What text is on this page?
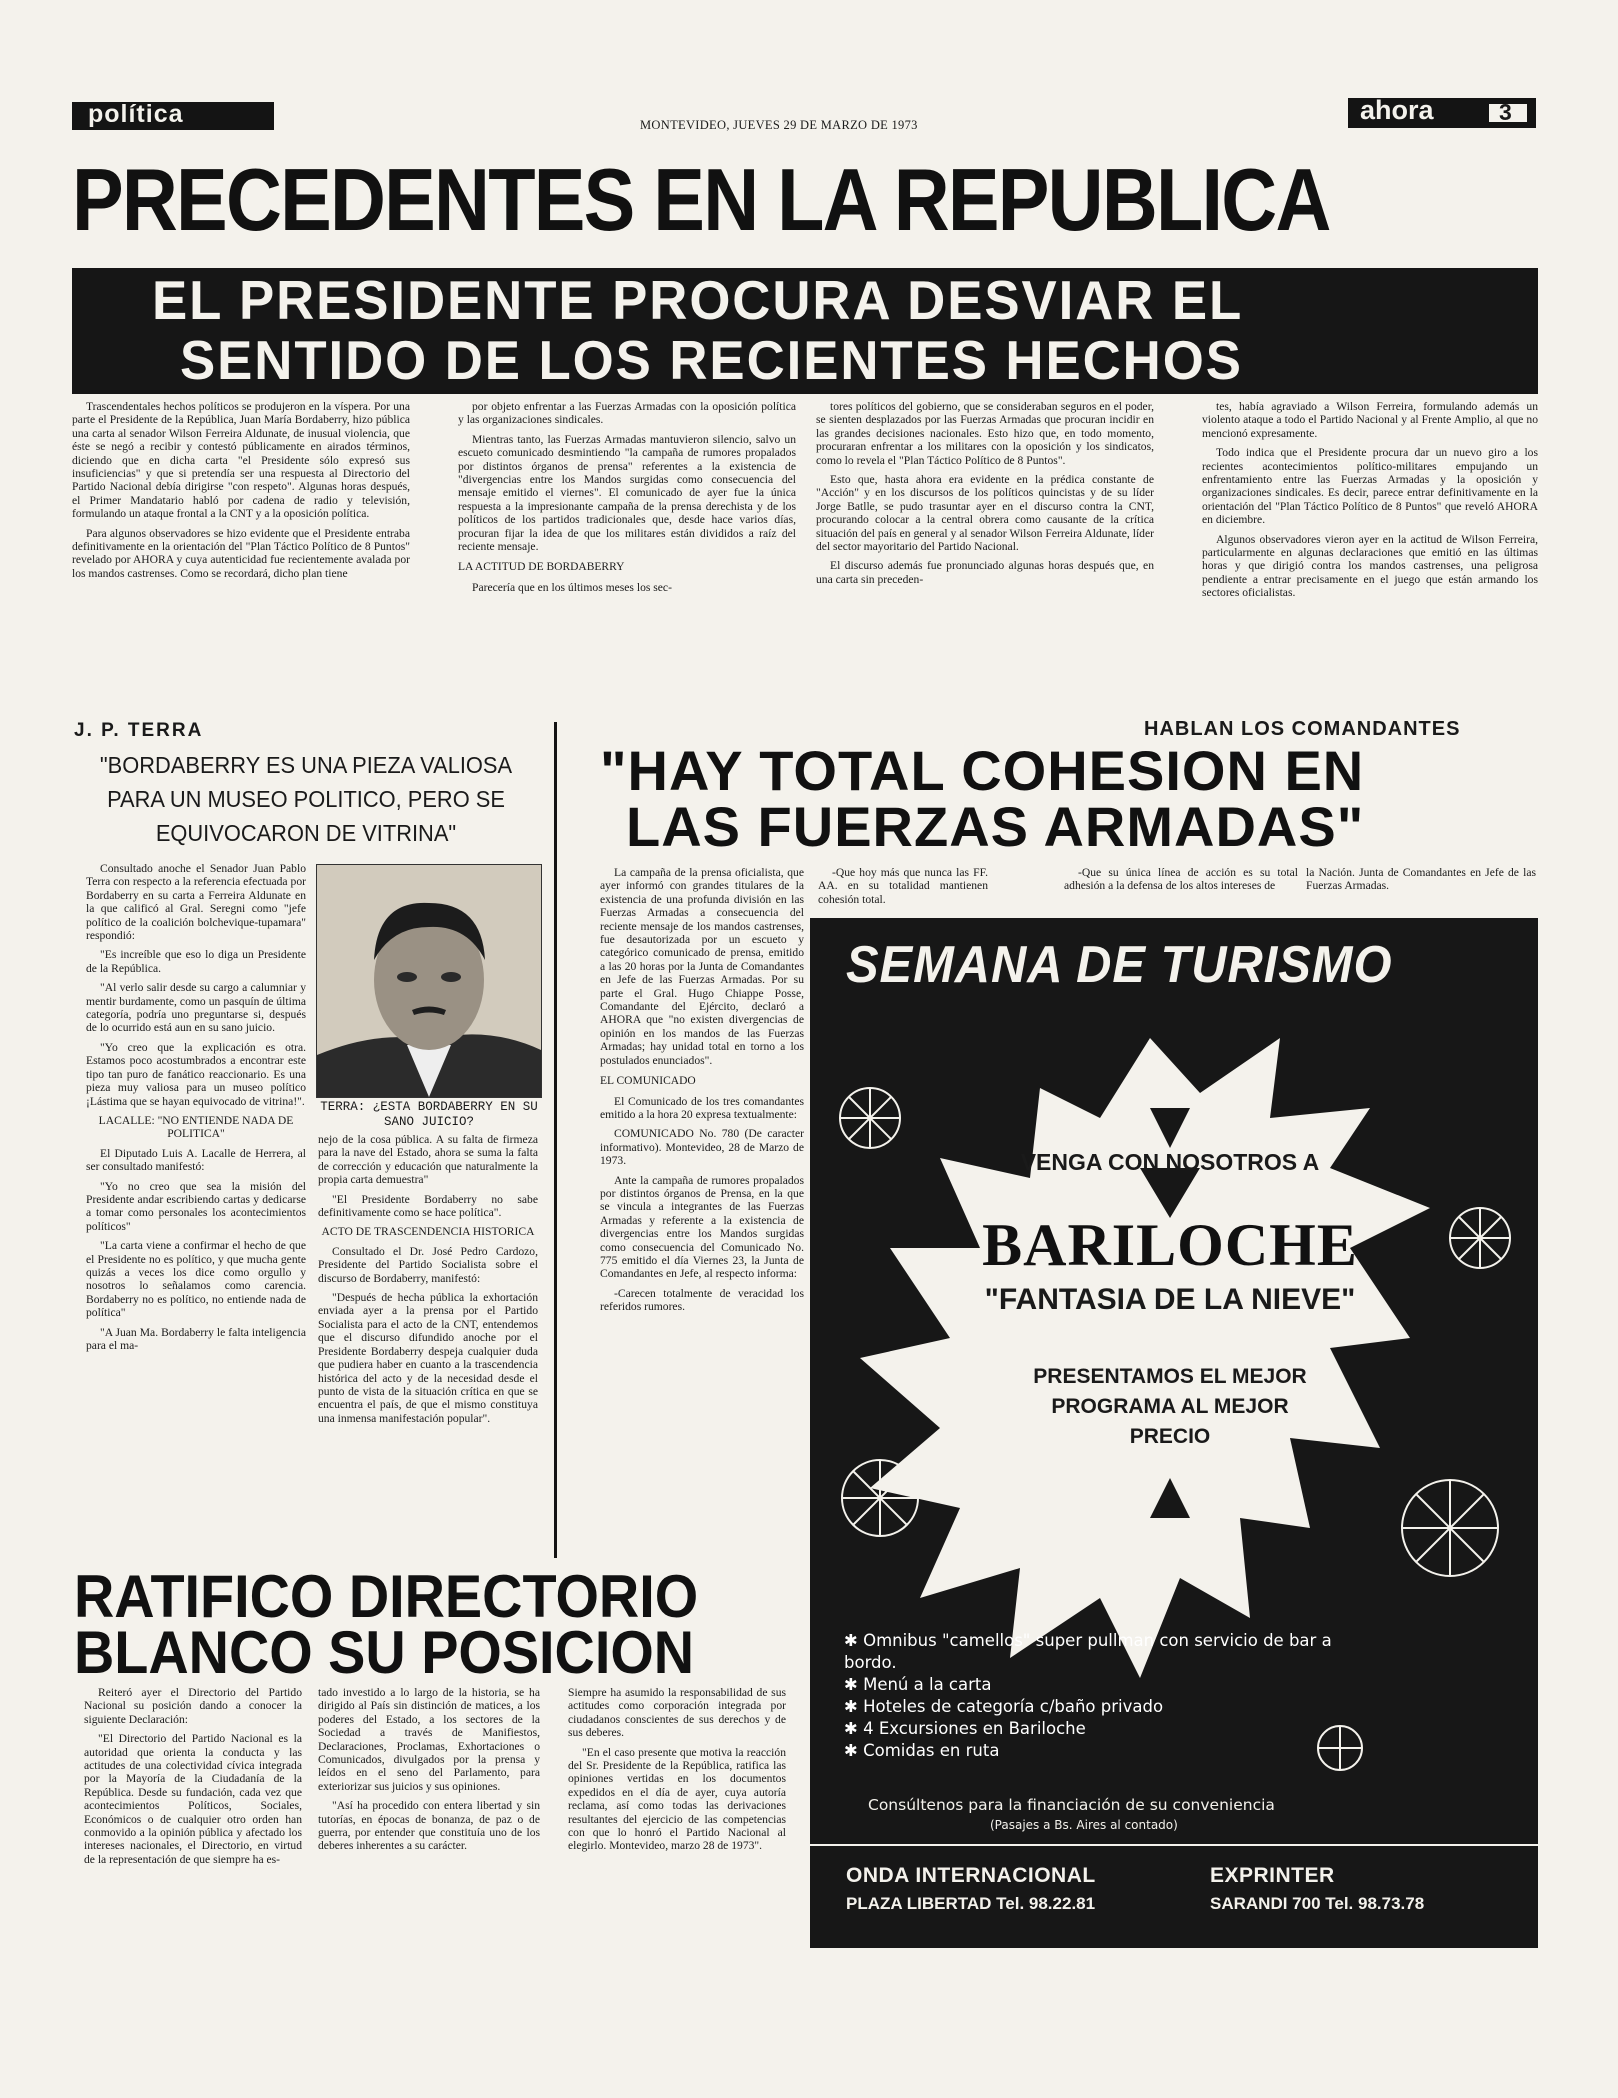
política	MONTEVIDEO, JUEVES 29 DE MARZO DE 1973	ahora	3
PRECEDENTES EN LA REPUBLICA
EL PRESIDENTE PROCURA DESVIAR EL
SENTIDO DE LOS RECIENTES HECHOS

Trascendentales hechos políticos se produjeron en la víspera. Por una parte el Presidente de la República, Juan María Bordaberry, hizo pública una carta al senador Wilson Ferreira Aldunate, de inusual violencia, que éste se negó a recibir y contestó públicamente en airados términos, diciendo que en dicha carta "el Presidente sólo expresó sus insuficiencias" y que si pretendía ser una respuesta al Directorio del Partido Nacional debía dirigirse "con respeto". Algunas horas después, el Primer Mandatario habló por cadena de radio y televisión, formulando un ataque frontal a la CNT y a la oposición política.

Para algunos observadores se hizo evidente que el Presidente entraba definitivamente en la orientación del "Plan Táctico Político de 8 Puntos" revelado por AHORA y cuya autenticidad fue recientemente avalada por los mandos castrenses. Como se recordará, dicho plan tiene

por objeto enfrentar a las Fuerzas Armadas con la oposición política y las organizaciones sindicales.

Mientras tanto, las Fuerzas Armadas mantuvieron silencio, salvo un escueto comunicado desmintiendo "la campaña de rumores propalados por distintos órganos de prensa" referentes a la existencia de "divergencias entre los Mandos surgidas como consecuencia del mensaje emitido el viernes". El comunicado de ayer fue la única respuesta a la impresionante campaña de la prensa derechista y de los políticos de los partidos tradicionales que, desde hace varios días, procuran fijar la idea de que los militares están divididos a raíz del reciente mensaje.

LA ACTITUD DE BORDABERRY

Parecería que en los últimos meses los sec-

tores políticos del gobierno, que se consideraban seguros en el poder, se sienten desplazados por las Fuerzas Armadas que procuran incidir en las grandes decisiones nacionales. Esto hizo que, en todo momento, procuraran enfrentar a los militares con la oposición y los sindicatos, como lo revela el "Plan Táctico Político de 8 Puntos".

Esto que, hasta ahora era evidente en la prédica constante de "Acción" y en los discursos de los políticos quincistas y de su líder Jorge Batlle, se pudo trasuntar ayer en el discurso contra la CNT, procurando colocar a la central obrera como causante de la crítica situación del país en general y al senador Wilson Ferreira Aldunate, líder del sector mayoritario del Partido Nacional.

El discurso además fue pronunciado algunas horas después que, en una carta sin preceden-

tes, había agraviado a Wilson Ferreira, formulando además un violento ataque a todo el Partido Nacional y al Frente Amplio, al que no mencionó expresamente.

Todo indica que el Presidente procura dar un nuevo giro a los recientes acontecimientos político-militares empujando un enfrentamiento entre las Fuerzas Armadas y la oposición y organizaciones sindicales. Es decir, parece entrar definitivamente en la orientación del "Plan Táctico Político de 8 Puntos" que reveló AHORA en diciembre.

Algunos observadores vieron ayer en la actitud de Wilson Ferreira, particularmente en algunas declaraciones que emitió en las últimas horas y que dirigió contra los mandos castrenses, una peligrosa pendiente a entrar precisamente en el juego que están armando los sectores oficialistas.

J. P. TERRA
"BORDABERRY ES UNA PIEZA VALIOSA PARA UN MUSEO POLITICO, PERO SE EQUIVOCARON DE VITRINA"

Consultado anoche el Senador Juan Pablo Terra con respecto a la referencia efectuada por Bordaberry en su carta a Ferreira Aldunate en la que calificó al Gral. Seregni como "jefe político de la coalición bolchevique-tupamara" respondió:

"Es increíble que eso lo diga un Presidente de la República.

"Al verlo salir desde su cargo a calumniar y mentir burdamente, como un pasquín de última categoría, podría uno preguntarse si, después de lo ocurrido está aun en su sano juicio.

"Yo creo que la explicación es otra. Estamos poco acostumbrados a encontrar este tipo tan puro de fanático reaccionario. Es una pieza muy valiosa para un museo político ¡Lástima que se hayan equivocado de vitrina!".

LACALLE: "NO ENTIENDE NADA DE POLITICA"

El Diputado Luis A. Lacalle de Herrera, al ser consultado manifestó:

"Yo no creo que sea la misión del Presidente andar escribiendo cartas y dedicarse a tomar como personales los acontecimientos políticos"

"La carta viene a confirmar el hecho de que el Presidente no es político, y que mucha gente quizás a veces los dice como orgullo y nosotros lo señalamos como carencia. Bordaberry no es político, no entiende nada de política"

"A Juan Ma. Bordaberry le falta inteligencia para el ma-

TERRA: ¿ESTA BORDABERRY EN SU SANO JUICIO?

nejo de la cosa pública. A su falta de firmeza para la nave del Estado, ahora se suma la falta de corrección y educación que naturalmente la propia carta demuestra"

"El Presidente Bordaberry no sabe definitivamente como se hace política".

ACTO DE TRASCENDENCIA HISTORICA

Consultado el Dr. José Pedro Cardozo, Presidente del Partido Socialista sobre el discurso de Bordaberry, manifestó:

"Después de hecha pública la exhortación enviada ayer a la prensa por el Partido Socialista para el acto de la CNT, entendemos que el discurso difundido anoche por el Presidente Bordaberry despeja cualquier duda que pudiera haber en cuanto a la trascendencia histórica del acto y de la necesidad desde el punto de vista de la situación crítica en que se encuentra el país, de que el mismo constituya una inmensa manifestación popular".

HABLAN LOS COMANDANTES
"HAY TOTAL COHESION EN
LAS FUERZAS ARMADAS"

La campaña de la prensa oficialista, que ayer informó con grandes titulares de la existencia de una profunda división en las Fuerzas Armadas a consecuencia del reciente mensaje de los mandos castrenses, fue desautorizada por un escueto y categórico comunicado de prensa, emitido a las 20 horas por la Junta de Comandantes en Jefe de las Fuerzas Armadas. Por su parte el Gral. Hugo Chiappe Posse, Comandante del Ejército, declaró a AHORA que "no existen divergencias de opinión en los mandos de las Fuerzas Armadas; hay unidad total en torno a los postulados enunciados".

EL COMUNICADO

El Comunicado de los tres comandantes emitido a la hora 20 expresa textualmente:

COMUNICADO No. 780 (De caracter informativo). Montevideo, 28 de Marzo de 1973.

Ante la campaña de rumores propalados por distintos órganos de Prensa, en la que se vincula a integrantes de las Fuerzas Armadas y referente a la existencia de divergencias entre los Mandos surgidas como consecuencia del Comunicado No. 775 emitido el día Viernes 23, la Junta de Comandantes en Jefe, al respecto informa:

-Carecen totalmente de veracidad los referidos rumores.

-Que hoy más que nunca las FF. AA. en su totalidad mantienen cohesión total.

-Que su única línea de acción es su total adhesión a la defensa de los altos intereses de

la Nación. Junta de Comandantes en Jefe de las Fuerzas Armadas.

SEMANA DE TURISMO
VENGA CON NOSOTROS A
BARILOCHE
"FANTASIA DE LA NIEVE"
PRESENTAMOS EL MEJOR PROGRAMA AL MEJOR PRECIO
✱ Omnibus "camellos" super pullman con servicio de bar a bordo.
✱ Menú a la carta
✱ Hoteles de categoría c/baño privado
✱ 4 Excursiones en Bariloche
✱ Comidas en ruta
Consúltenos para la financiación de su conveniencia
(Pasajes a Bs. Aires al contado)
ONDA INTERNACIONAL
PLAZA LIBERTAD Tel. 98.22.81
EXPRINTER
SARANDI 700 Tel. 98.73.78
RATIFICO DIRECTORIO
BLANCO SU POSICION

Reiteró ayer el Directorio del Partido Nacional su posición dando a conocer la siguiente Declaración:

"El Directorio del Partido Nacional es la autoridad que orienta la conducta y las actitudes de una colectividad cívica integrada por la Mayoría de la Ciudadanía de la República. Desde su fundación, cada vez que acontecimientos Políticos, Sociales, Económicos o de cualquier otro orden han conmovido a la opinión pública y afectado los intereses nacionales, el Directorio, en virtud de la representación de que siempre ha es-

tado investido a lo largo de la historia, se ha dirigido al País sin distinción de matices, a los poderes del Estado, a los sectores de la Sociedad a través de Manifiestos, Declaraciones, Proclamas, Exhortaciones o Comunicados, divulgados por la prensa y leídos en el seno del Parlamento, para exteriorizar sus juicios y sus opiniones.

"Así ha procedido con entera libertad y sin tutorías, en épocas de bonanza, de paz o de guerra, por entender que constituía uno de los deberes inherentes a su carácter.

Siempre ha asumido la responsabilidad de sus actitudes como corporación integrada por ciudadanos conscientes de sus derechos y de sus deberes.

"En el caso presente que motiva la reacción del Sr. Presidente de la República, ratifica las opiniones vertidas en los documentos expedidos en el día de ayer, cuya autoría reclama, así como todas las derivaciones resultantes del ejercicio de las competencias con que lo honró el Partido Nacional al elegirlo. Montevideo, marzo 28 de 1973".
